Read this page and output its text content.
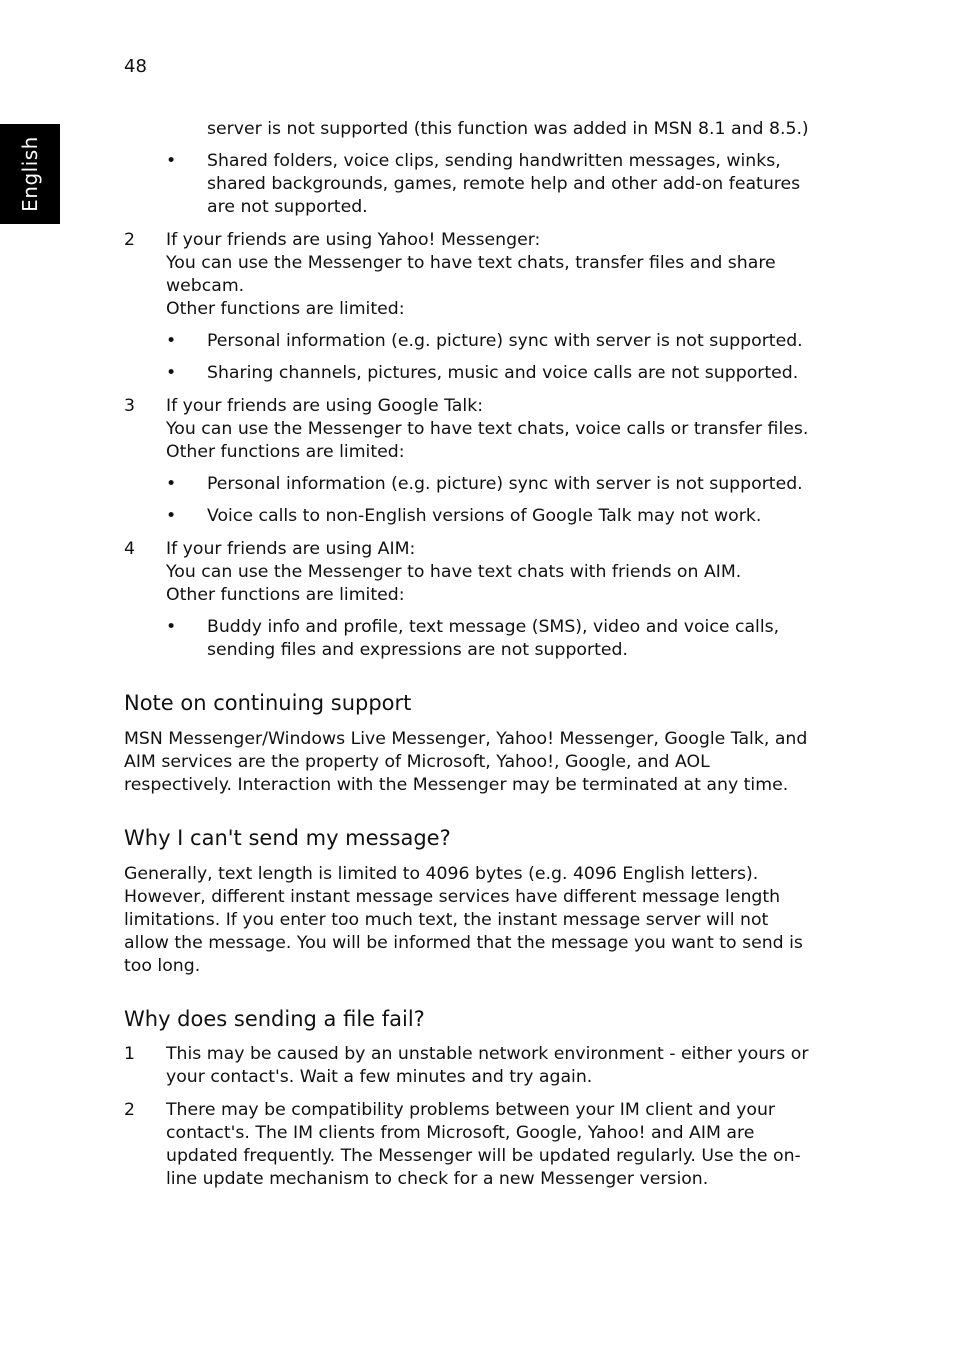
48
English

server is not supported (this function was added in MSN 8.1 and 8.5.)

• Shared folders, voice clips, sending handwritten messages, winks, shared backgrounds, games, remote help and other add-on features are not supported.
2 If your friends are using Yahoo! Messenger:
You can use the Messenger to have text chats, transfer files and share webcam.
Other functions are limited:
• Personal information (e.g. picture) sync with server is not supported.
• Sharing channels, pictures, music and voice calls are not supported.
3 If your friends are using Google Talk:
You can use the Messenger to have text chats, voice calls or transfer files.
Other functions are limited:
• Personal information (e.g. picture) sync with server is not supported.
• Voice calls to non-English versions of Google Talk may not work.
4 If your friends are using AIM:
You can use the Messenger to have text chats with friends on AIM.
Other functions are limited:
• Buddy info and profile, text message (SMS), video and voice calls, sending files and expressions are not supported.
Note on continuing support

MSN Messenger/Windows Live Messenger, Yahoo! Messenger, Google Talk, and AIM services are the property of Microsoft, Yahoo!, Google, and AOL respectively. Interaction with the Messenger may be terminated at any time.

Why I can't send my message?

Generally, text length is limited to 4096 bytes (e.g. 4096 English letters). However, different instant message services have different message length limitations. If you enter too much text, the instant message server will not allow the message. You will be informed that the message you want to send is too long.

Why does sending a file fail?
1 This may be caused by an unstable network environment - either yours or your contact's. Wait a few minutes and try again.
2 There may be compatibility problems between your IM client and your contact's. The IM clients from Microsoft, Google, Yahoo! and AIM are updated frequently. The Messenger will be updated regularly. Use the on-line update mechanism to check for a new Messenger version.
